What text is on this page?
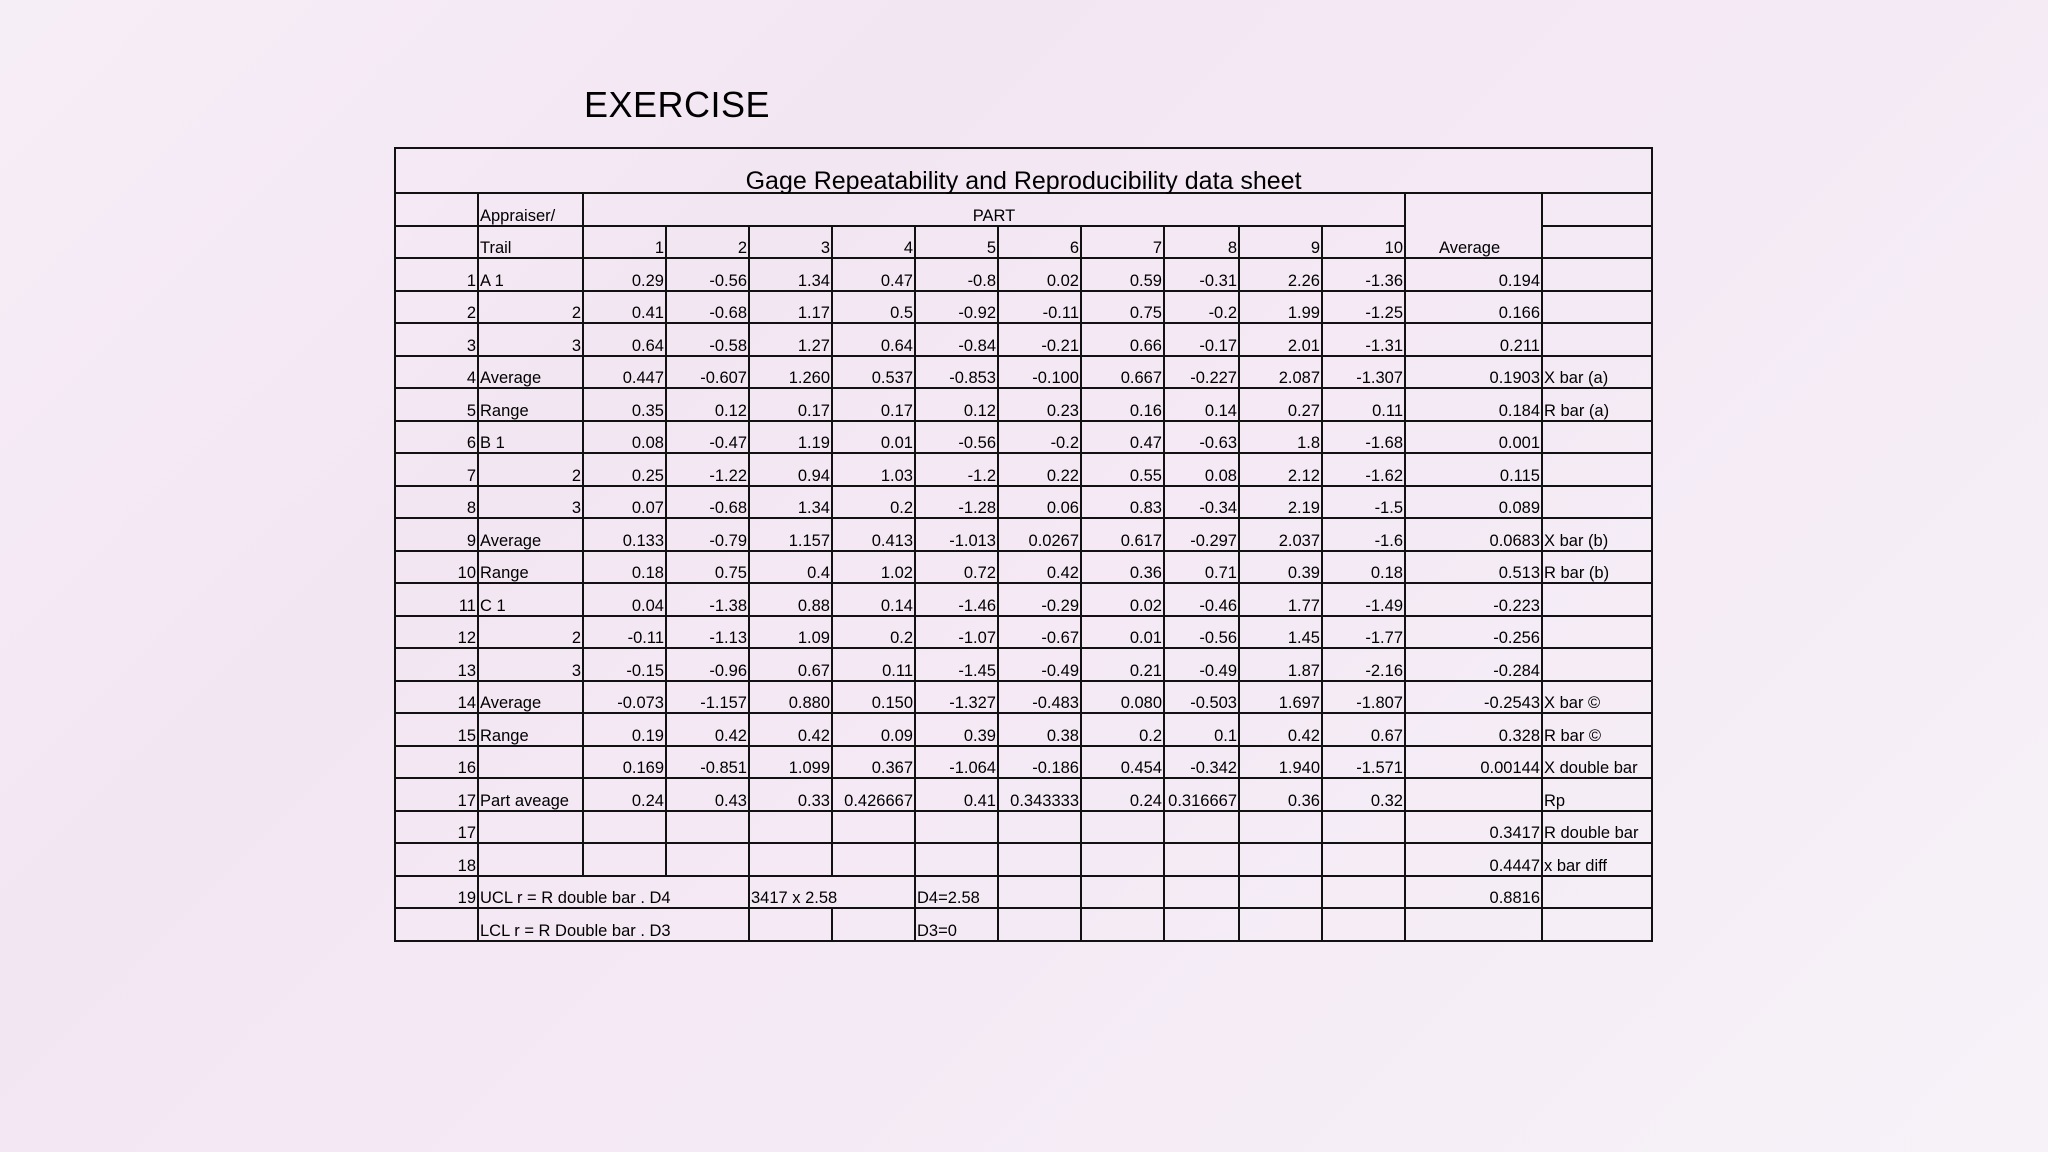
EXERCISE
Gage Repeatability and Reproducibility data sheet													
	Appraiser/	PART										Average	
	Trail	1	2	3	4	5	6	7	8	9	10		
1	A 1	0.29	-0.56	1.34	0.47	-0.8	0.02	0.59	-0.31	2.26	-1.36	0.194	
2	2	0.41	-0.68	1.17	0.5	-0.92	-0.11	0.75	-0.2	1.99	-1.25	0.166	
3	3	0.64	-0.58	1.27	0.64	-0.84	-0.21	0.66	-0.17	2.01	-1.31	0.211	
4	Average	0.447	-0.607	1.260	0.537	-0.853	-0.100	0.667	-0.227	2.087	-1.307	0.1903	X bar (a)
5	Range	0.35	0.12	0.17	0.17	0.12	0.23	0.16	0.14	0.27	0.11	0.184	R bar (a)
6	B 1	0.08	-0.47	1.19	0.01	-0.56	-0.2	0.47	-0.63	1.8	-1.68	0.001	
7	2	0.25	-1.22	0.94	1.03	-1.2	0.22	0.55	0.08	2.12	-1.62	0.115	
8	3	0.07	-0.68	1.34	0.2	-1.28	0.06	0.83	-0.34	2.19	-1.5	0.089	
9	Average	0.133	-0.79	1.157	0.413	-1.013	0.0267	0.617	-0.297	2.037	-1.6	0.0683	X bar (b)
10	Range	0.18	0.75	0.4	1.02	0.72	0.42	0.36	0.71	0.39	0.18	0.513	R bar (b)
11	C 1	0.04	-1.38	0.88	0.14	-1.46	-0.29	0.02	-0.46	1.77	-1.49	-0.223	
12	2	-0.11	-1.13	1.09	0.2	-1.07	-0.67	0.01	-0.56	1.45	-1.77	-0.256	
13	3	-0.15	-0.96	0.67	0.11	-1.45	-0.49	0.21	-0.49	1.87	-2.16	-0.284	
14	Average	-0.073	-1.157	0.880	0.150	-1.327	-0.483	0.080	-0.503	1.697	-1.807	-0.2543	X bar ©
15	Range	0.19	0.42	0.42	0.09	0.39	0.38	0.2	0.1	0.42	0.67	0.328	R bar ©
16		0.169	-0.851	1.099	0.367	-1.064	-0.186	0.454	-0.342	1.940	-1.571	0.00144	X double bar
17	Part aveage	0.24	0.43	0.33	0.426667	0.41	0.343333	0.24	0.316667	0.36	0.32		Rp
17												0.3417	R double bar
18												0.4447	x bar diff
19	UCL r = R double bar . D4			3417 x 2.58		D4=2.58						0.8816	
	LCL r = R Double bar . D3					D3=0							
